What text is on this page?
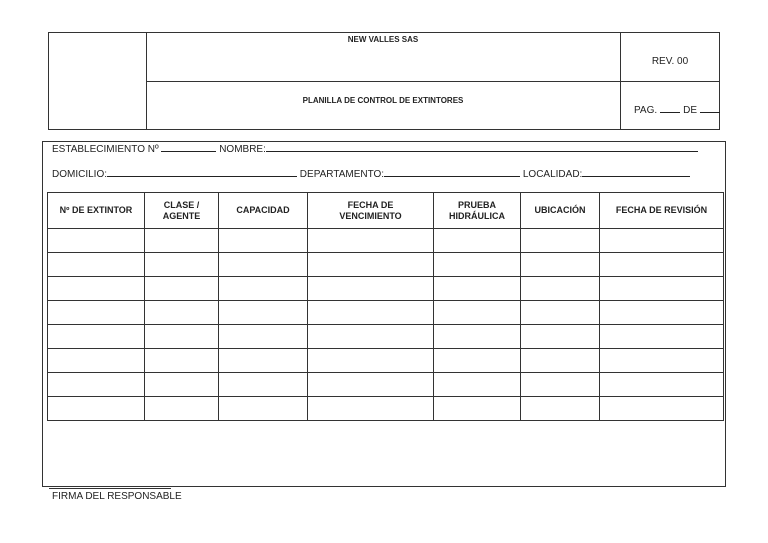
NEW VALLES SAS
PLANILLA DE CONTROL DE EXTINTORES
REV. 00
PAG.	DE
ESTABLECIMIENTO Nº	NOMBRE:
DOMICILIO:	DEPARTAMENTO:	LOCALIDAD:
Nº DE EXTINTOR	CLASE / AGENTE	CAPACIDAD	FECHA DE VENCIMIENTO	PRUEBA HIDRÁULICA	UBICACIÓN	FECHA DE REVISIÓN

FIRMA DEL RESPONSABLE
